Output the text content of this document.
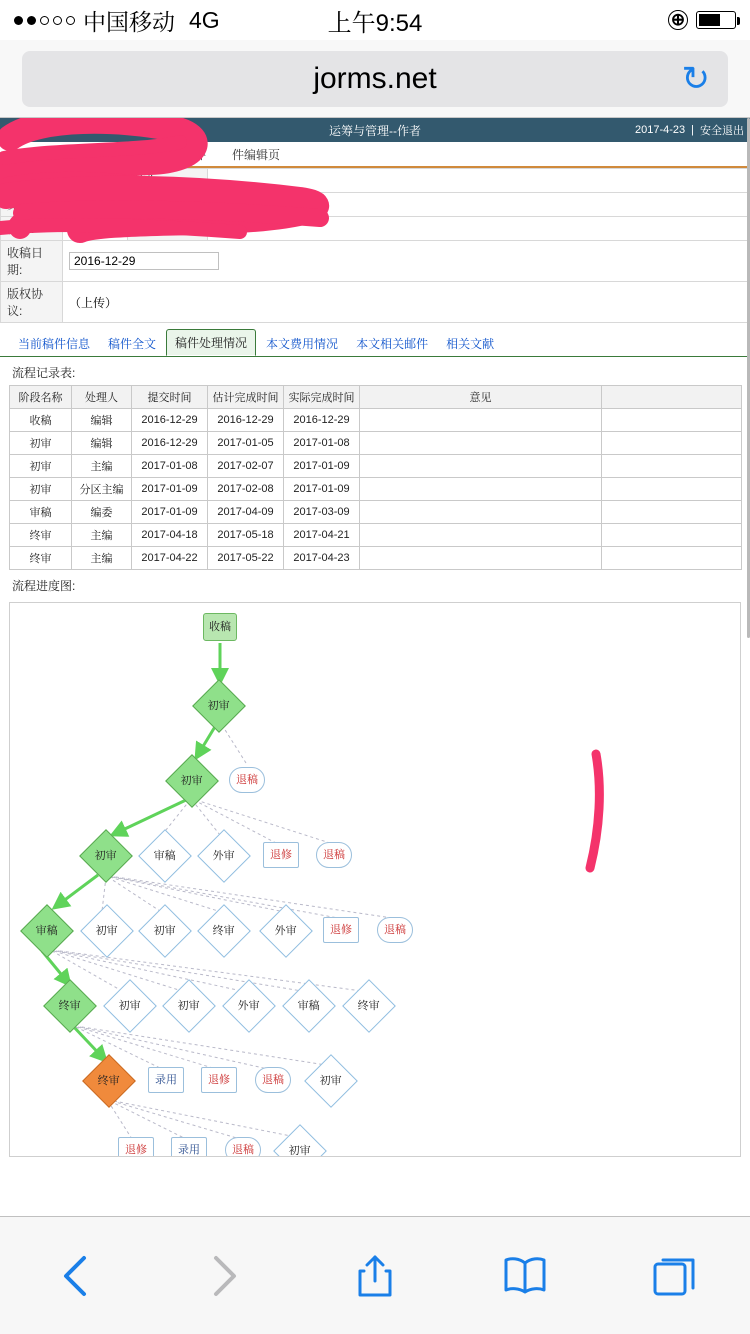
中国移动 4G	上午9:54	⊕
jorms.net	↻
运筹与管理--作者	2017-4-23 | 安全退出
主页 全文件 件编辑页
稿号:		搞先	
文题:		操作:	给编辑部发送消息
作者:		稿件状态:	终审
收稿日期:	2016-12-29
版权协议:	（上传）		
当前稿件信息	稿件全文	稿件处理情况	本文费用情况	本文相关邮件	相关文献
流程记录表:
阶段名称	处理人	提交时间	估计完成时间	实际完成时间	意见	
收稿	编辑	2016-12-29	2016-12-29	2016-12-29		
初审	编辑	2016-12-29	2017-01-05	2017-01-08		
初审	主编	2017-01-08	2017-02-07	2017-01-09		
初审	分区主编	2017-01-09	2017-02-08	2017-01-09		
审稿	编委	2017-01-09	2017-04-09	2017-03-09		
终审	主编	2017-04-18	2017-05-18	2017-04-21		
终审	主编	2017-04-22	2017-05-22	2017-04-23		
流程进度图:
收稿
初审
初审	退稿
初审	审稿	外审	退修	退稿
审稿	初审	初审	终审	外审	退修	退稿
终审	初审	初审	外审	审稿	终审
终审	录用	退修	退稿	初审
退修	录用	退稿	初审
